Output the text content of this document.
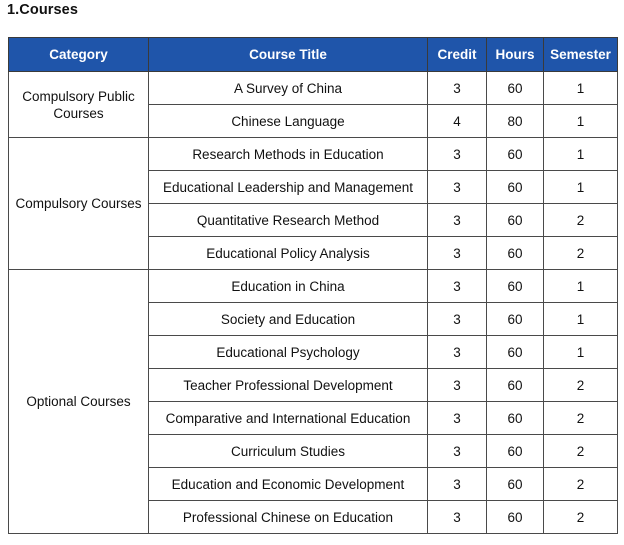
1.Courses
Category	Course Title	Credit	Hours	Semester
Compulsory Public Courses	A Survey of China	3	60	1
	Chinese Language	4	80	1
Compulsory Courses	Research Methods in Education	3	60	1
	Educational Leadership and Management	3	60	1
	Quantitative Research Method	3	60	2
	Educational Policy Analysis	3	60	2
Optional Courses	Education in China	3	60	1
	Society and Education	3	60	1
	Educational Psychology	3	60	1
	Teacher Professional Development	3	60	2
	Comparative and International Education	3	60	2
	Curriculum Studies	3	60	2
	Education and Economic Development	3	60	2
	Professional Chinese on Education	3	60	2
